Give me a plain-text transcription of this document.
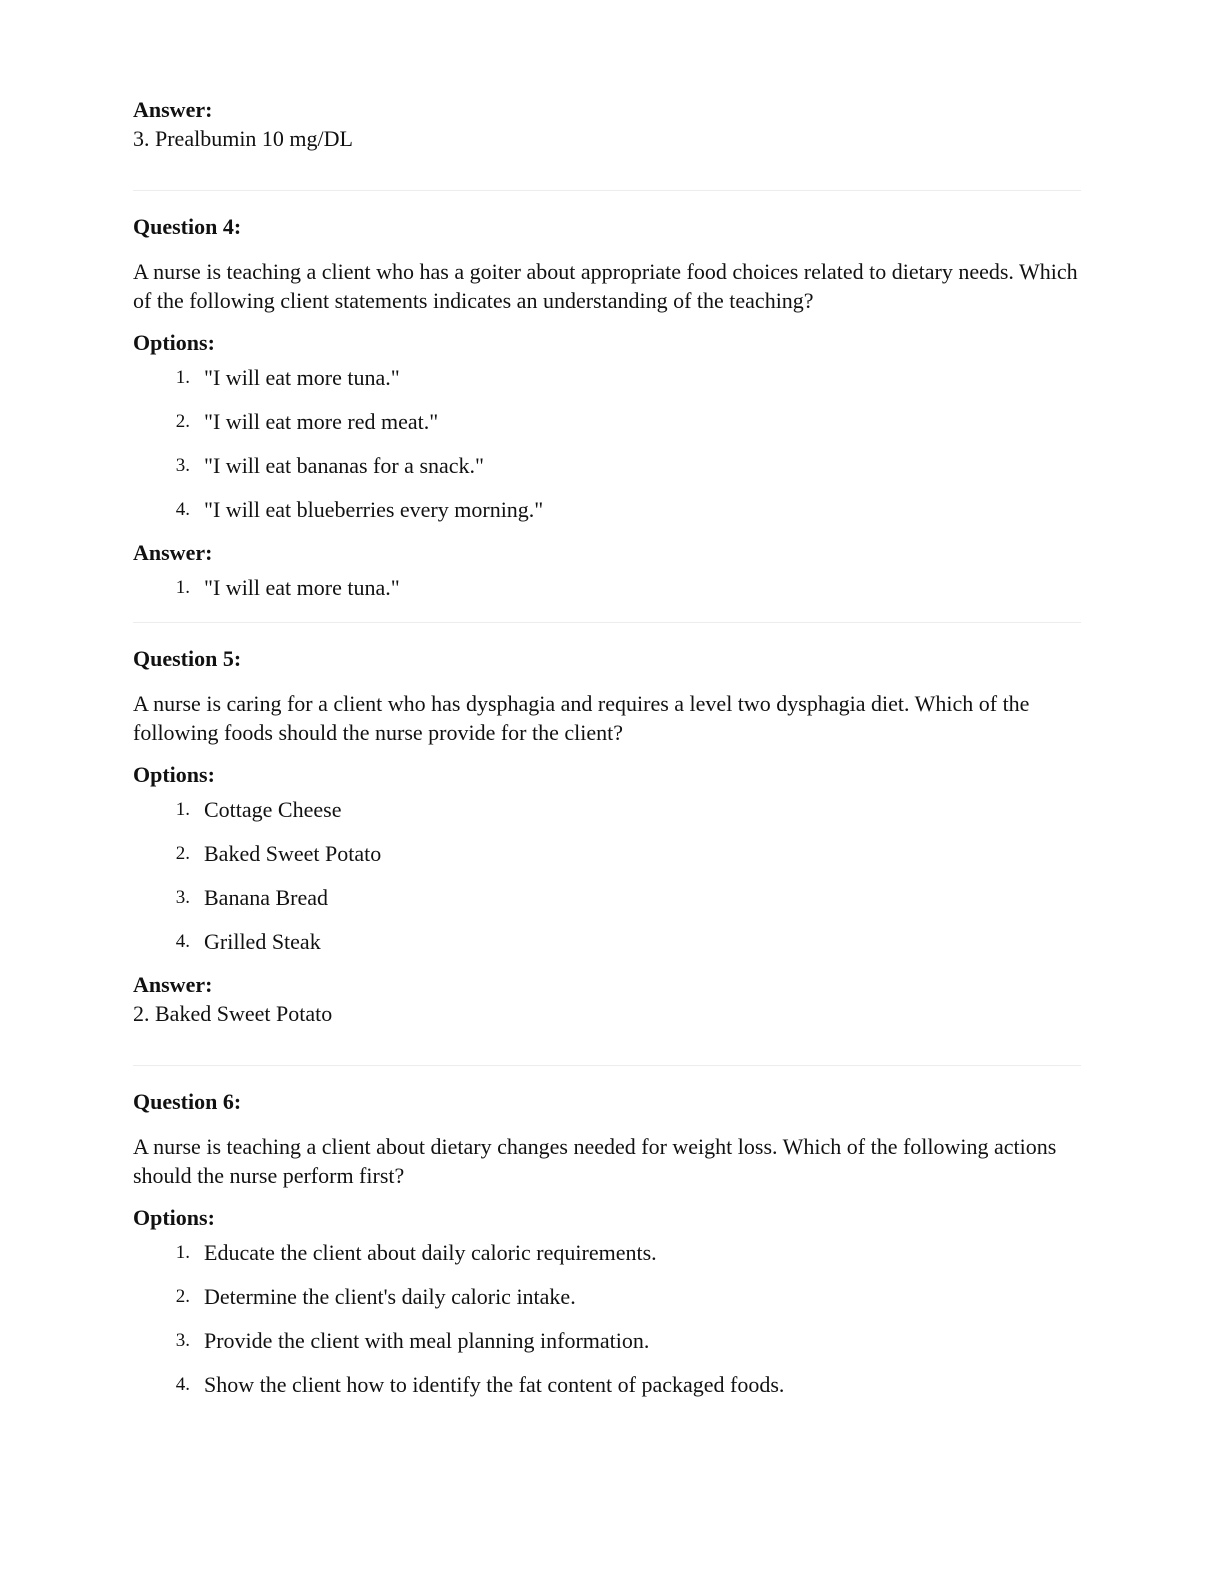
Answer:

3. Prealbumin 10 mg/DL

Question 4:

A nurse is teaching a client who has a goiter about appropriate food choices related to dietary needs. Which of the following client statements indicates an understanding of the teaching?

Options:

1. "I will eat more tuna."
2. "I will eat more red meat."
3. "I will eat bananas for a snack."
4. "I will eat blueberries every morning."

Answer:

1. "I will eat more tuna."

Question 5:

A nurse is caring for a client who has dysphagia and requires a level two dysphagia diet. Which of the following foods should the nurse provide for the client?

Options:

1. Cottage Cheese
2. Baked Sweet Potato
3. Banana Bread
4. Grilled Steak

Answer:

2. Baked Sweet Potato

Question 6:

A nurse is teaching a client about dietary changes needed for weight loss. Which of the following actions should the nurse perform first?

Options:

1. Educate the client about daily caloric requirements.
2. Determine the client's daily caloric intake.
3. Provide the client with meal planning information.
4. Show the client how to identify the fat content of packaged foods.
